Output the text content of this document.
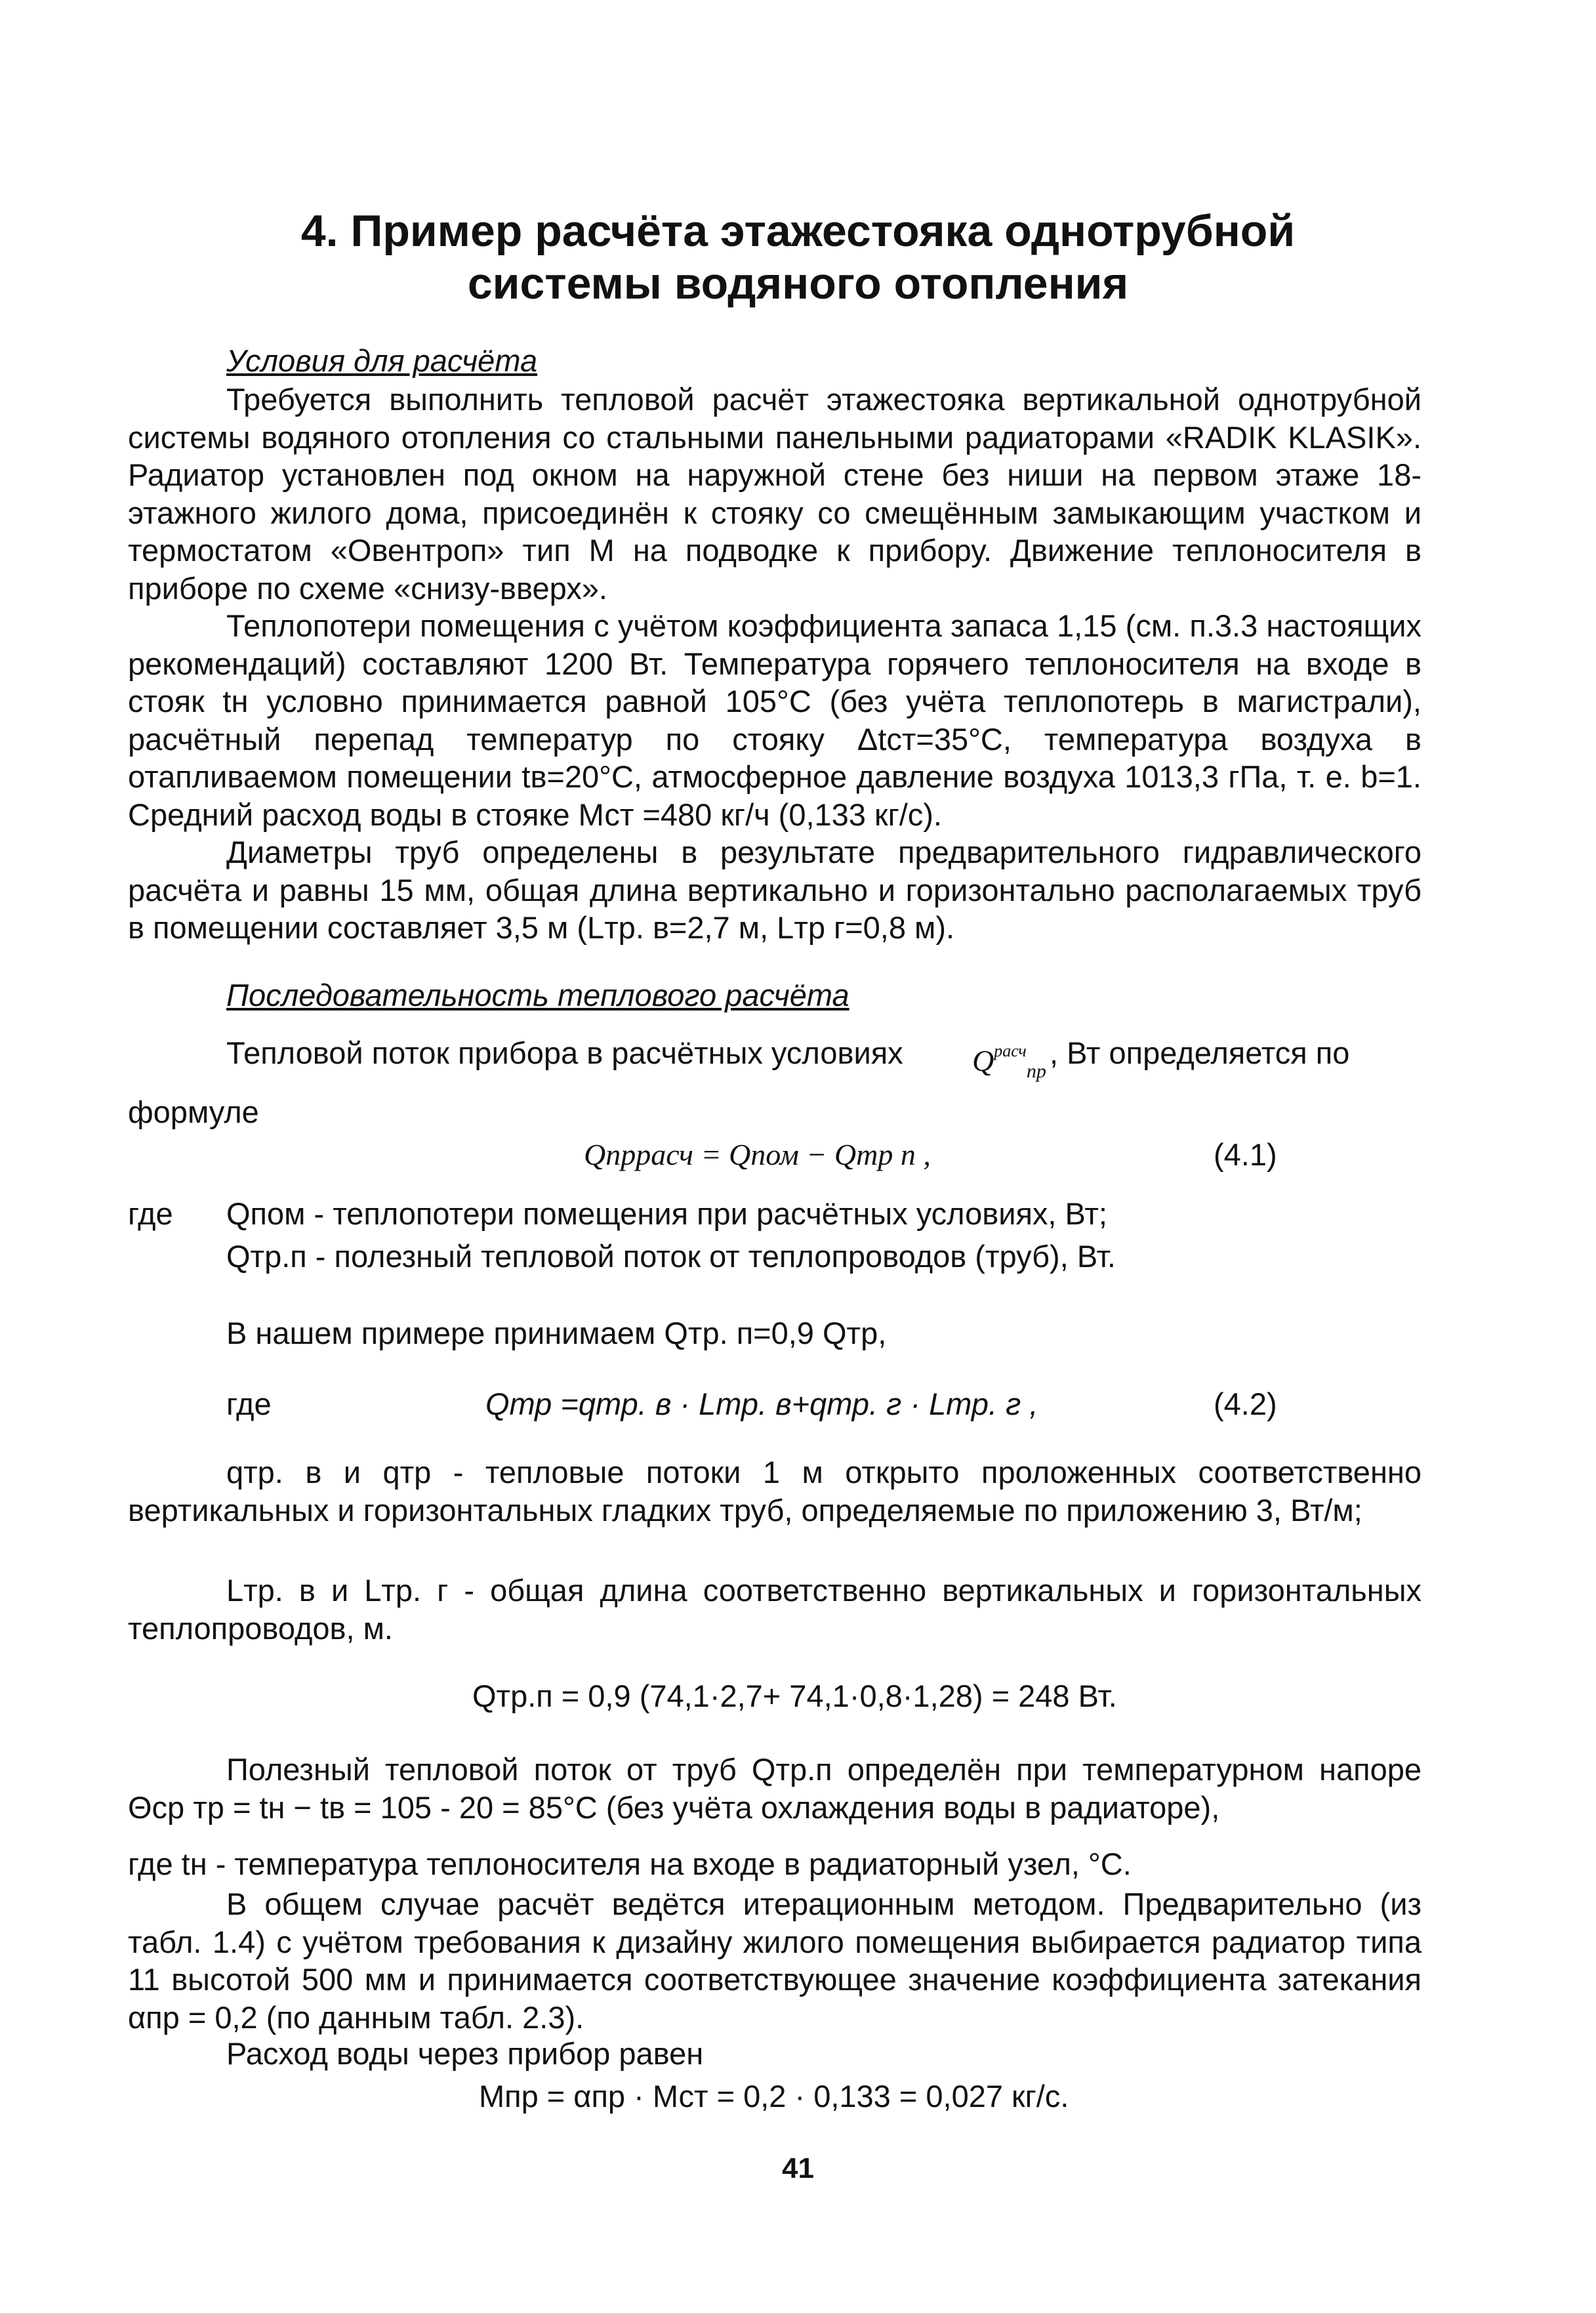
4. Пример расчёта этажестояка однотрубной
системы водяного отопления
Условия для расчёта
Требуется выполнить тепловой расчёт этажестояка вертикальной однотрубной системы водяного отопления со стальными панельными радиаторами «RADIK KLASIK». Радиатор установлен под окном на наружной стене без ниши на первом этаже 18-этажного жилого дома, присоединён к стояку со смещённым замыкающим участком и термостатом «Овентроп» тип М на подводке к прибору. Движение теплоносителя в приборе по схеме «снизу-вверх».
Теплопотери помещения с учётом коэффициента запаса 1,15 (см. п.3.3 настоящих рекомендаций) составляют 1200 Вт. Температура горячего теплоносителя на входе в стояк tн условно принимается равной 105°С (без учёта теплопотерь в магистрали), расчётный перепад температур по стояку Δtст=35°С, температура воздуха в отапливаемом помещении tв=20°С, атмосферное давление воздуха 1013,3 гПа, т. е. b=1. Средний расход воды в стояке Мст =480 кг/ч (0,133 кг/с).
Диаметры труб определены в результате предварительного гидравлического расчёта и равны 15 мм, общая длина вертикально и горизонтально располагаемых труб в помещении составляет 3,5 м (Lтр. в=2,7 м, Lтр г=0,8 м).
Последовательность теплового расчёта
Тепловой поток прибора в расчётных условиях $Q^{расч}_{пр}$
, Вт определяется по
формуле
Qпррасч = Qпом − Qтр п ,	(4.1)
где Qпом - теплопотери помещения при расчётных условиях, Вт;
Qтр.п - полезный тепловой поток от теплопроводов (труб), Вт.
В нашем примере принимаем Qтр. п=0,9 Qтр,
где	Qтр =qтр. в · Lтр. в+qтр. г · Lтр. г ,	(4.2)
qтр. в и qтр - тепловые потоки 1 м открыто проложенных соответственно вертикальных и горизонтальных гладких труб, определяемые по приложению 3, Вт/м;
Lтр. в и Lтр. г - общая длина соответственно вертикальных и горизонтальных теплопроводов, м.
Qтр.п = 0,9 (74,1·2,7+ 74,1·0,8·1,28) = 248 Вт.
Полезный тепловой поток от труб Qтр.п определён при температурном напоре Θср тр = tн − tв = 105 - 20 = 85°С (без учёта охлаждения воды в радиаторе),
где tн - температура теплоносителя на входе в радиаторный узел, °С.
В общем случае расчёт ведётся итерационным методом. Предварительно (из табл. 1.4) с учётом требования к дизайну жилого помещения выбирается радиатор типа 11 высотой 500 мм и принимается соответствующее значение коэффициента затекания αпр = 0,2 (по данным табл. 2.3).
Расход воды через прибор равен
Мпр = αпр · Мст = 0,2 · 0,133 = 0,027 кг/с.
41
